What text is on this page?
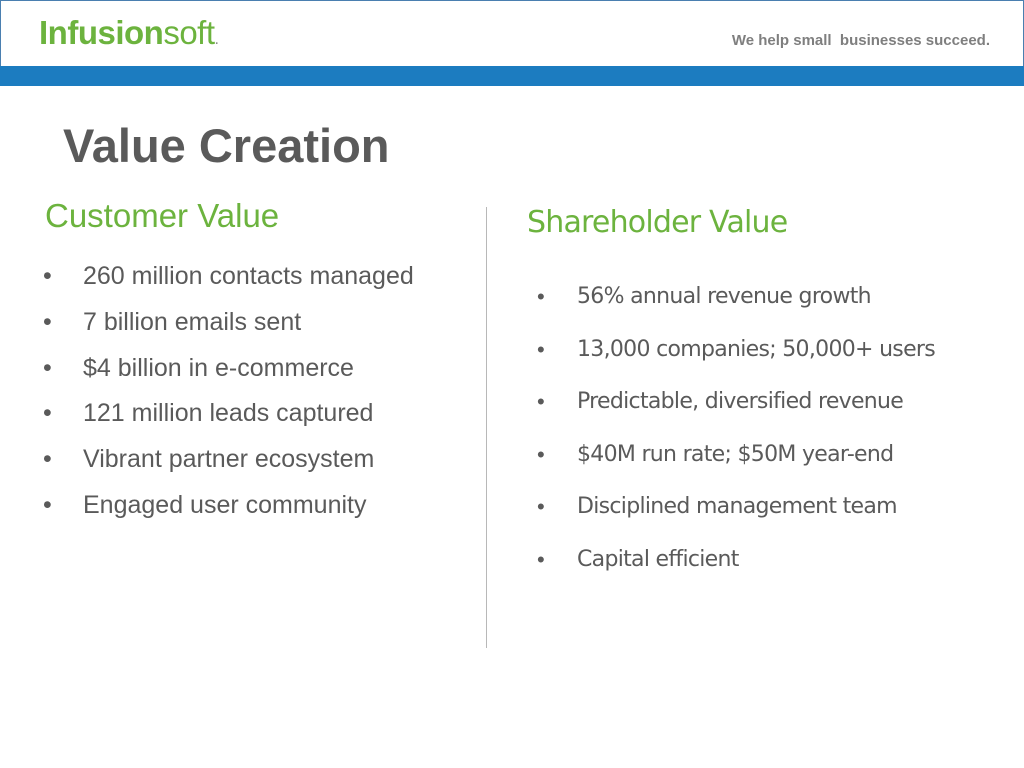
Infusionsoft.	We help small  businesses succeed.
Value Creation
Customer Value	Shareholder Value
• 260 million contacts managed
• 7 billion emails sent
• $4 billion in e-commerce
• 121 million leads captured
• Vibrant partner ecosystem
• Engaged user community
• 56% annual revenue growth
• 13,000 companies; 50,000+ users
• Predictable, diversified revenue
• $40M run rate; $50M year-end
• Disciplined management team
• Capital efficient
